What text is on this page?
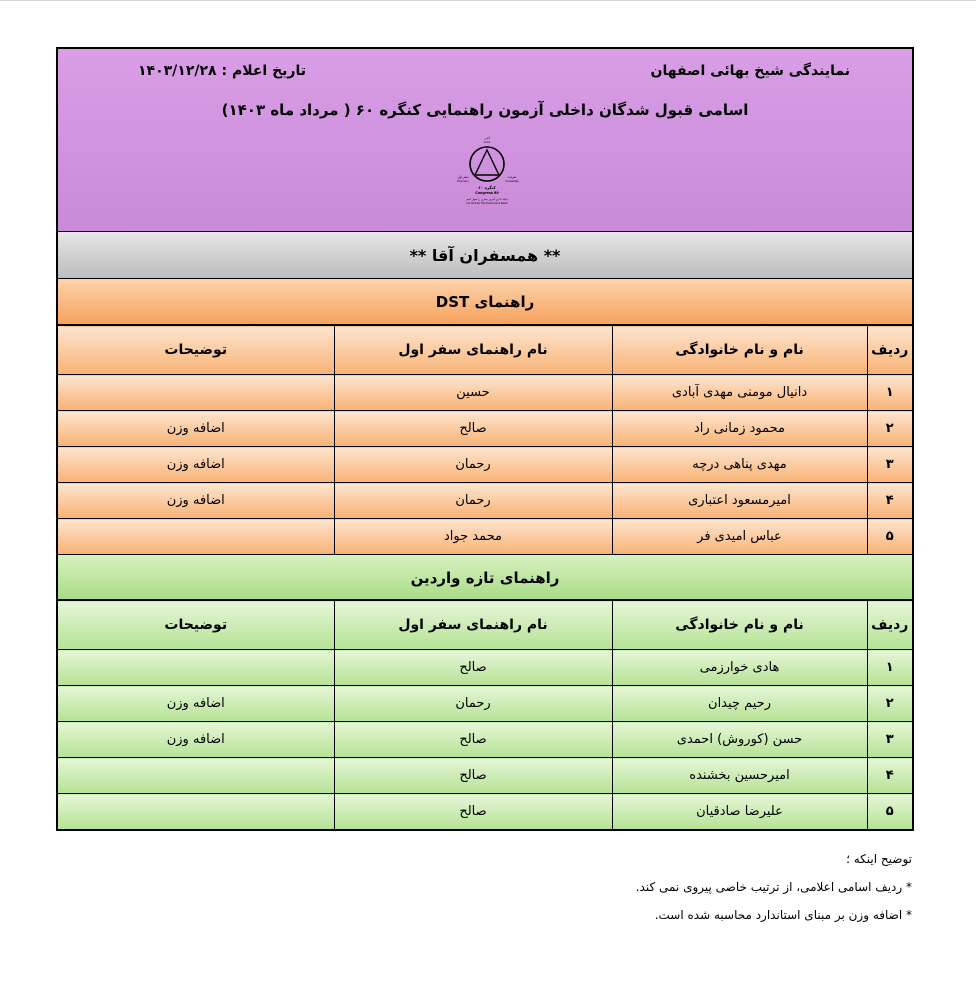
نمایندگی شیخ بهائی اصفهان
تاریخ اعلام : ۱۴۰۳/۱۲/۲۸
اسامی قبول شدگان داخلی آزمون راهنمایی کنگره ۶۰ ( مرداد ماه ۱۴۰۳)
آنتی
Antix
سفر اول
Discovery
معرفت
Knowledge
کنگره ۶۰
Congress 60
بیائید تا این آخرین بیماری را سوار کنیم
Let Us Ride This Destructive Beast
** همسفران آقا **
راهنمای DST
ردیف	نام و نام خانوادگی	نام راهنمای سفر اول	توضیحات
۱	دانیال مومنی مهدی آبادی	حسین	
۲	محمود زمانی راد	صالح	اضافه وزن
۳	مهدی پناهی درچه	رحمان	اضافه وزن
۴	امیرمسعود اعتباری	رحمان	اضافه وزن
۵	عباس امیدی فر	محمد جواد	
راهنمای تازه واردین
ردیف	نام و نام خانوادگی	نام راهنمای سفر اول	توضیحات
۱	هادی خوارزمی	صالح	
۲	رحیم چیدان	رحمان	اضافه وزن
۳	حسن (کوروش) احمدی	صالح	اضافه وزن
۴	امیرحسین بخشنده	صالح	
۵	علیرضا صادقیان	صالح	
توضیح اینکه ؛
* ردیف اسامی اعلامی، از ترتیب خاصی پیروی نمی کند.
* اضافه وزن بر مبنای استاندارد محاسبه شده است.
